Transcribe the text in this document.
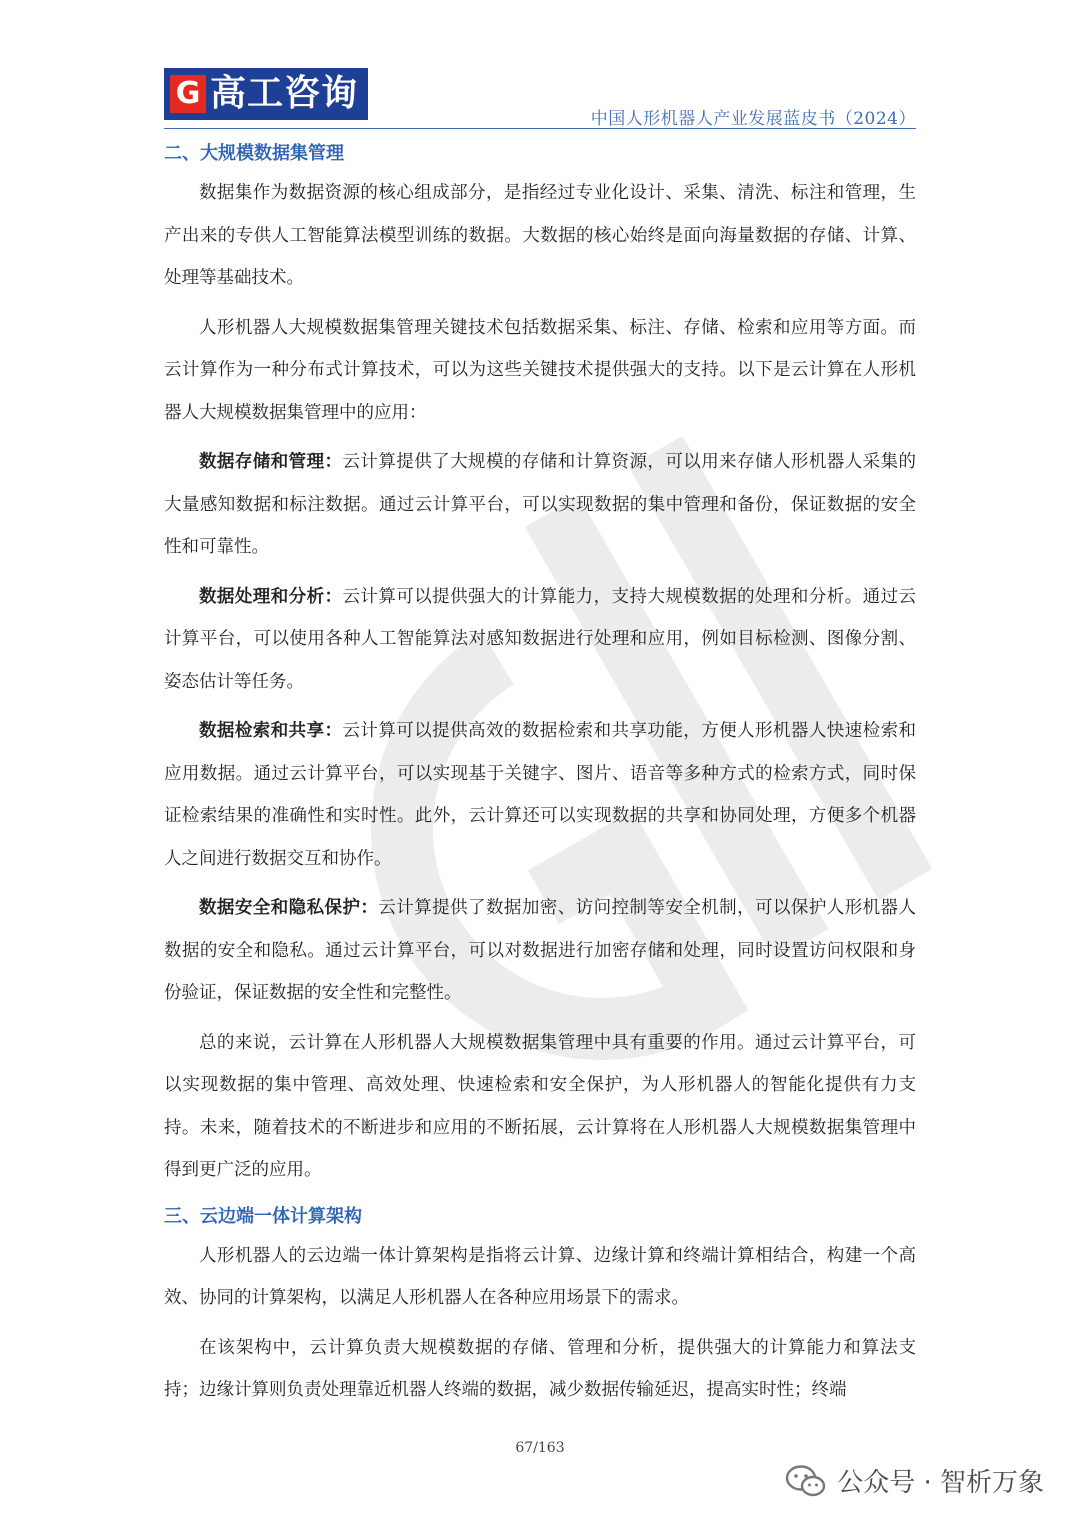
G 高工咨询
中国人形机器人产业发展蓝皮书（2024）
二、大规模数据集管理

数据集作为数据资源的核心组成部分，是指经过专业化设计、采集、清洗、标注和管理，生产出来的专供人工智能算法模型训练的数据。大数据的核心始终是面向海量数据的存储、计算、处理等基础技术。

人形机器人大规模数据集管理关键技术包括数据采集、标注、存储、检索和应用等方面。而云计算作为一种分布式计算技术，可以为这些关键技术提供强大的支持。以下是云计算在人形机器人大规模数据集管理中的应用：

数据存储和管理：云计算提供了大规模的存储和计算资源，可以用来存储人形机器人采集的大量感知数据和标注数据。通过云计算平台，可以实现数据的集中管理和备份，保证数据的安全性和可靠性。

数据处理和分析：云计算可以提供强大的计算能力，支持大规模数据的处理和分析。通过云计算平台，可以使用各种人工智能算法对感知数据进行处理和应用，例如目标检测、图像分割、姿态估计等任务。

数据检索和共享：云计算可以提供高效的数据检索和共享功能，方便人形机器人快速检索和应用数据。通过云计算平台，可以实现基于关键字、图片、语音等多种方式的检索方式，同时保证检索结果的准确性和实时性。此外，云计算还可以实现数据的共享和协同处理，方便多个机器人之间进行数据交互和协作。

数据安全和隐私保护：云计算提供了数据加密、访问控制等安全机制，可以保护人形机器人数据的安全和隐私。通过云计算平台，可以对数据进行加密存储和处理，同时设置访问权限和身份验证，保证数据的安全性和完整性。

总的来说，云计算在人形机器人大规模数据集管理中具有重要的作用。通过云计算平台，可以实现数据的集中管理、高效处理、快速检索和安全保护，为人形机器人的智能化提供有力支持。未来，随着技术的不断进步和应用的不断拓展，云计算将在人形机器人大规模数据集管理中得到更广泛的应用。

三、云边端一体计算架构

人形机器人的云边端一体计算架构是指将云计算、边缘计算和终端计算相结合，构建一个高效、协同的计算架构，以满足人形机器人在各种应用场景下的需求。

在该架构中，云计算负责大规模数据的存储、管理和分析，提供强大的计算能力和算法支持；边缘计算则负责处理靠近机器人终端的数据，减少数据传输延迟，提高实时性；终端

67/163
公众号 · 智析万象
